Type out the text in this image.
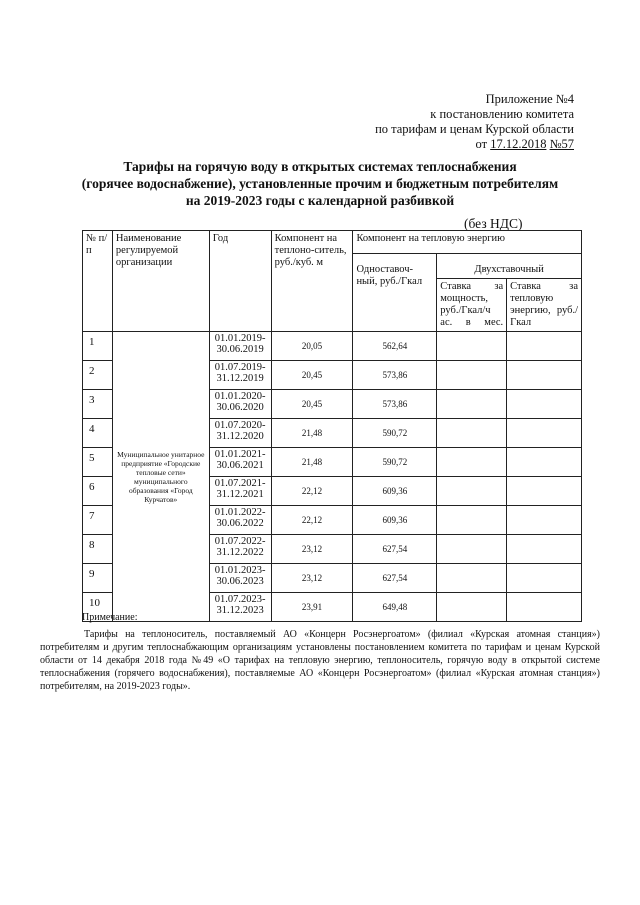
Приложение №4
к постановлению комитета
по тарифам и ценам Курской области
от 17.12.2018 №57
Тарифы на горячую воду в открытых системах теплоснабжения
(горячее водоснабжение), установленные прочим и бюджетным потребителям
на 2019-2023 годы с календарной разбивкой
(без НДС)
№ п/п	Наименование регулируемой организации	Год	Компонент на теплоно-ситель, руб./куб. м	Компонент на тепловую энергию		
				Одноставоч-ный, руб./Гкал	Двухставочный	
					Ставка за мощность, руб./Гкал/ч ас. в мес.	Ставка за тепловую энергию, руб./Гкал
1	Муниципальное унитарное предприятие «Городские тепловые сети» муниципального образования «Город Курчатов»	01.01.2019-30.06.2019	20,05	562,64		
2		01.07.2019-31.12.2019	20,45	573,86		
3		01.01.2020-30.06.2020	20,45	573,86		
4		01.07.2020-31.12.2020	21,48	590,72		
5		01.01.2021-30.06.2021	21,48	590,72		
6		01.07.2021-31.12.2021	22,12	609,36		
7		01.01.2022-30.06.2022	22,12	609,36		
8		01.07.2022-31.12.2022	23,12	627,54		
9		01.01.2023-30.06.2023	23,12	627,54		
10		01.07.2023-31.12.2023	23,91	649,48		
Примечание:
Тарифы на теплоноситель, поставляемый АО «Концерн Росэнергоатом» (филиал «Курская атомная станция») потребителям и другим теплоснабжающим организациям установлены постановлением комитета по тарифам и ценам Курской области от 14 декабря 2018 года №49 «О тарифах на тепловую энергию, теплоноситель, горячую воду в открытой системе теплоснабжения (горячего водоснабжения), поставляемые АО «Концерн Росэнергоатом» (филиал «Курская атомная станция») потребителям, на 2019-2023 годы».
